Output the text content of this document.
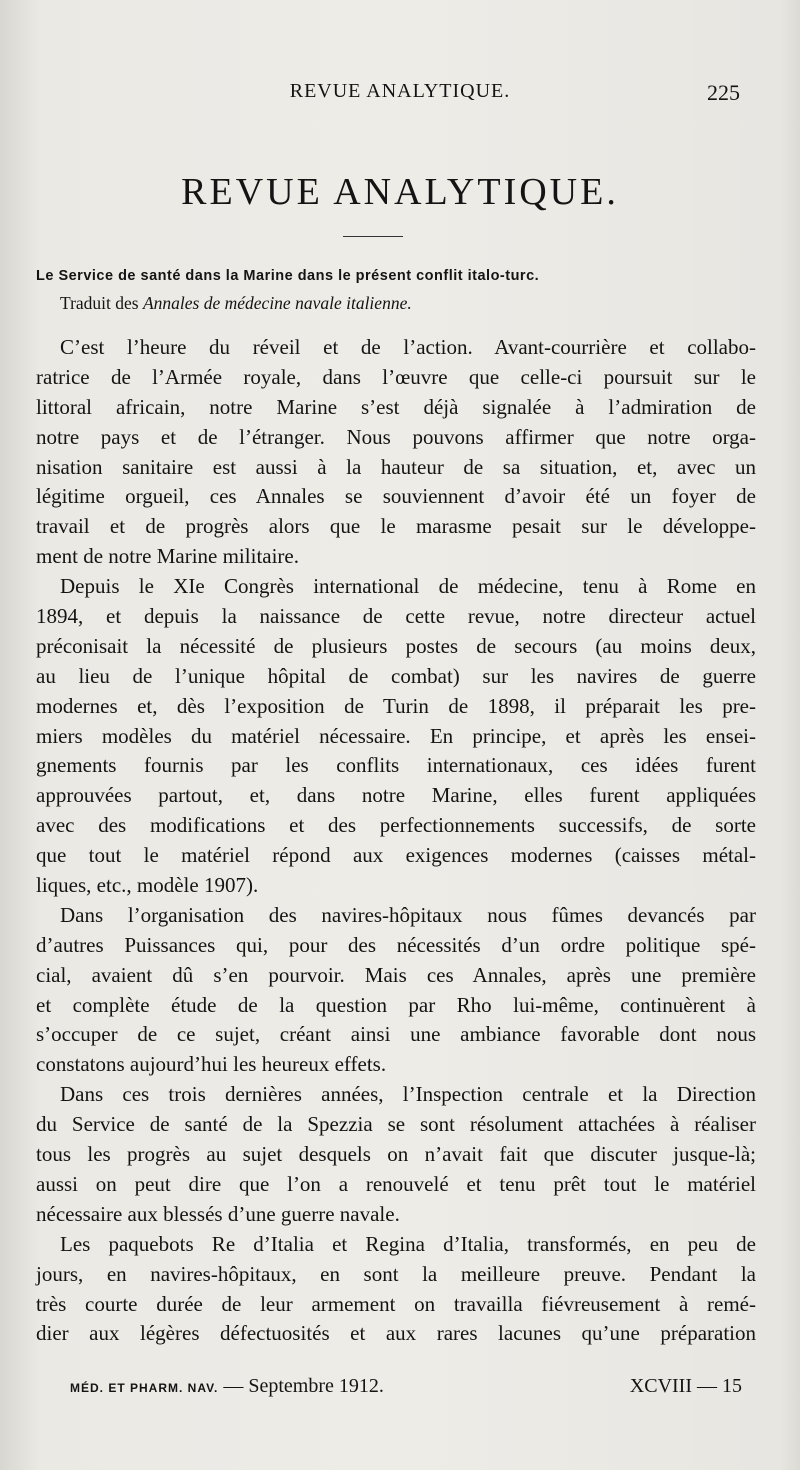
REVUE ANALYTIQUE.	225
REVUE ANALYTIQUE.
Le Service de santé dans la Marine dans le présent conflit italo-turc.
Traduit des Annales de médecine navale italienne.
C’est l’heure du réveil et de l’action. Avant-courrière et collabo-
ratrice de l’Armée royale, dans l’œuvre que celle-ci poursuit sur le
littoral africain, notre Marine s’est déjà signalée à l’admiration de
notre pays et de l’étranger. Nous pouvons affirmer que notre orga-
nisation sanitaire est aussi à la hauteur de sa situation, et, avec un
légitime orgueil, ces Annales se souviennent d’avoir été un foyer de
travail et de progrès alors que le marasme pesait sur le développe-
ment de notre Marine militaire.
Depuis le XIe Congrès international de médecine, tenu à Rome en
1894, et depuis la naissance de cette revue, notre directeur actuel
préconisait la nécessité de plusieurs postes de secours (au moins deux,
au lieu de l’unique hôpital de combat) sur les navires de guerre
modernes et, dès l’exposition de Turin de 1898, il préparait les pre-
miers modèles du matériel nécessaire. En principe, et après les ensei-
gnements fournis par les conflits internationaux, ces idées furent
approuvées partout, et, dans notre Marine, elles furent appliquées
avec des modifications et des perfectionnements successifs, de sorte
que tout le matériel répond aux exigences modernes (caisses métal-
liques, etc., modèle 1907).
Dans l’organisation des navires-hôpitaux nous fûmes devancés par
d’autres Puissances qui, pour des nécessités d’un ordre politique spé-
cial, avaient dû s’en pourvoir. Mais ces Annales, après une première
et complète étude de la question par Rho lui-même, continuèrent à
s’occuper de ce sujet, créant ainsi une ambiance favorable dont nous
constatons aujourd’hui les heureux effets.
Dans ces trois dernières années, l’Inspection centrale et la Direction
du Service de santé de la Spezzia se sont résolument attachées à réaliser
tous les progrès au sujet desquels on n’avait fait que discuter jusque-là;
aussi on peut dire que l’on a renouvelé et tenu prêt tout le matériel
nécessaire aux blessés d’une guerre navale.
Les paquebots Re d’Italia et Regina d’Italia, transformés, en peu de
jours, en navires-hôpitaux, en sont la meilleure preuve. Pendant la
très courte durée de leur armement on travailla fiévreusement à remé-
dier aux légères défectuosités et aux rares lacunes qu’une préparation
MÉD. ET PHARM. NAV. — Septembre 1912.	XCVIII — 15
